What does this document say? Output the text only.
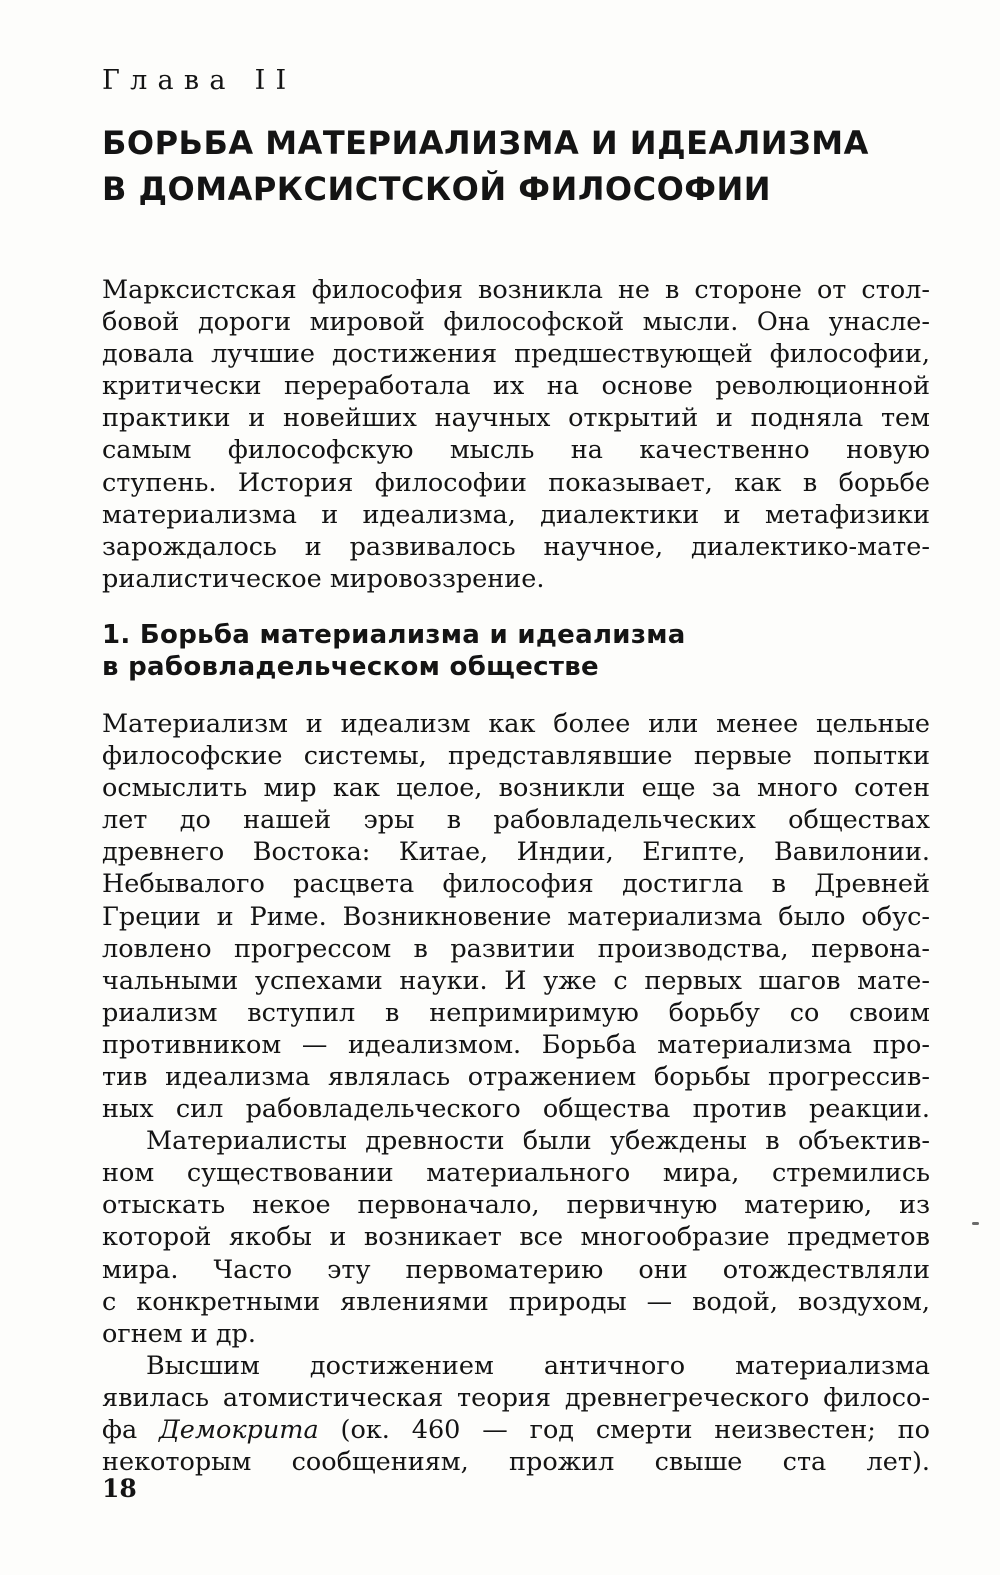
Глава II
БОРЬБА МАТЕРИАЛИЗМА И ИДЕАЛИЗМА
В ДОМАРКСИСТСКОЙ ФИЛОСОФИИ
Марксистская философия возникла не в стороне от стол-
бовой дороги мировой философской мысли. Она унасле-
довала лучшие достижения предшествующей философии,
критически переработала их на основе революционной
практики и новейших научных открытий и подняла тем
самым философскую мысль на качественно новую
ступень. История философии показывает, как в борьбе
материализма и идеализма, диалектики и метафизики
зарождалось и развивалось научное, диалектико-мате-
риалистическое мировоззрение.
1. Борьба материализма и идеализма
в рабовладельческом обществе
Материализм и идеализм как более или менее цельные
философские системы, представлявшие первые попытки
осмыслить мир как целое, возникли еще за много сотен
лет до нашей эры в рабовладельческих обществах
древнего Востока: Китае, Индии, Египте, Вавилонии.
Небывалого расцвета философия достигла в Древней
Греции и Риме. Возникновение материализма было обус-
ловлено прогрессом в развитии производства, первона-
чальными успехами науки. И уже с первых шагов мате-
риализм вступил в непримиримую борьбу со своим
противником — идеализмом. Борьба материализма про-
тив идеализма являлась отражением борьбы прогрессив-
ных сил рабовладельческого общества против реакции.
Материалисты древности были убеждены в объектив-
ном существовании материального мира, стремились
отыскать некое первоначало, первичную материю, из
которой якобы и возникает все многообразие предметов
мира. Часто эту первоматерию они отождествляли
с конкретными явлениями природы — водой, воздухом,
огнем и др.
Высшим достижением античного материализма
явилась атомистическая теория древнегреческого филосо-
фа Демокрита (ок. 460 — год смерти неизвестен; по
некоторым сообщениям, прожил свыше ста лет).
18
